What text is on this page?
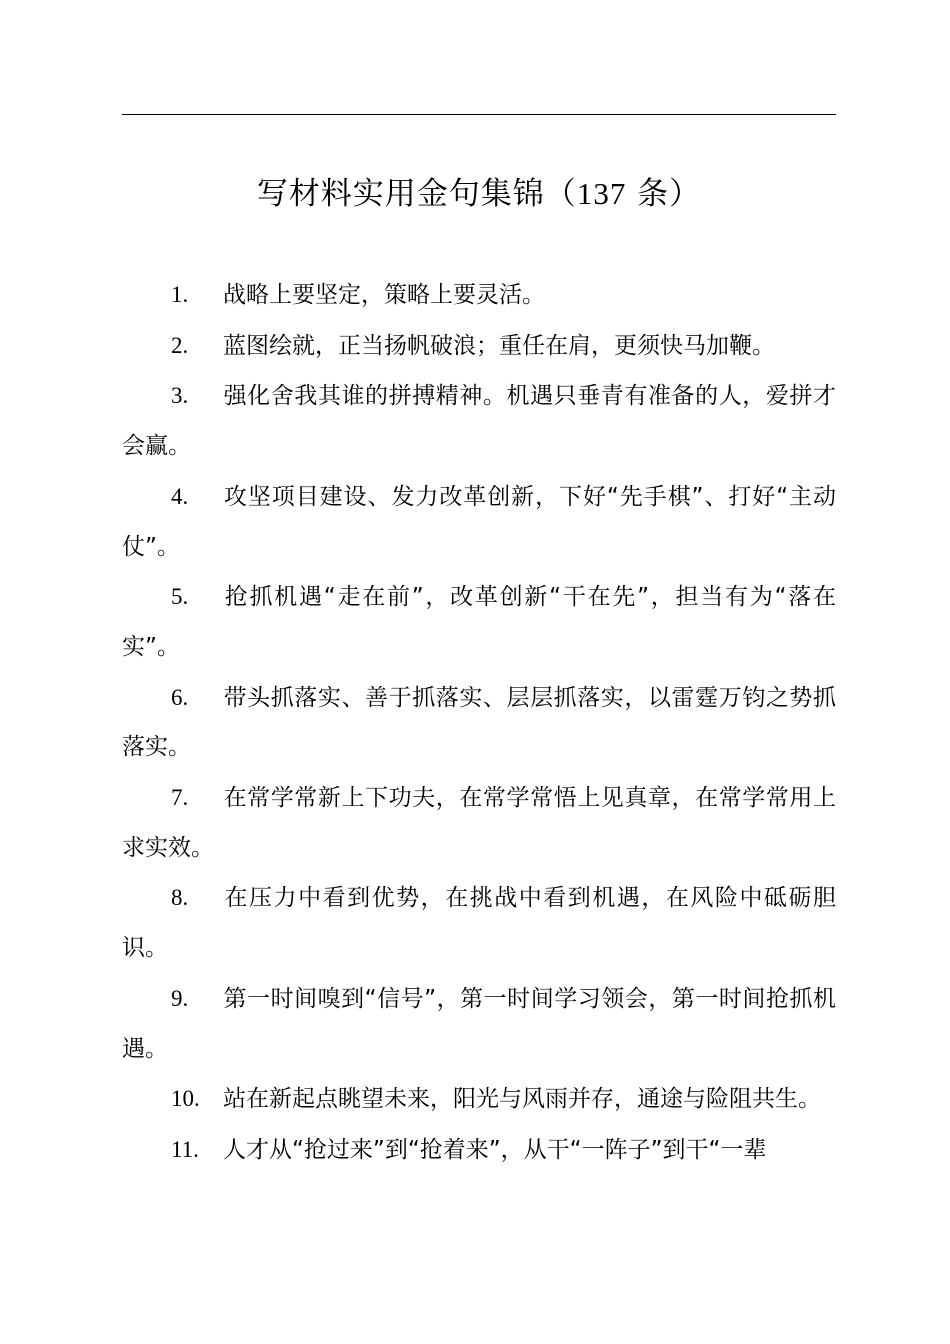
写材料实用金句集锦（137 条）

1. 战略上要坚定，策略上要灵活。

2. 蓝图绘就，正当扬帆破浪；重任在肩，更须快马加鞭。

3. 强化舍我其谁的拼搏精神。机遇只垂青有准备的人，爱拼才会赢。

4. 攻坚项目建设、发力改革创新，下好“先手棋”、打好“主动仗”。

5. 抢抓机遇“走在前”，改革创新“干在先”，担当有为“落在实”。

6. 带头抓落实、善于抓落实、层层抓落实，以雷霆万钧之势抓落实。

7. 在常学常新上下功夫，在常学常悟上见真章，在常学常用上求实效。

8. 在压力中看到优势，在挑战中看到机遇，在风险中砥砺胆识。

9. 第一时间嗅到“信号”，第一时间学习领会，第一时间抢抓机遇。

10. 站在新起点眺望未来，阳光与风雨并存，通途与险阻共生。

11. 人才从“抢过来”到“抢着来”，从干“一阵子”到干“一辈
